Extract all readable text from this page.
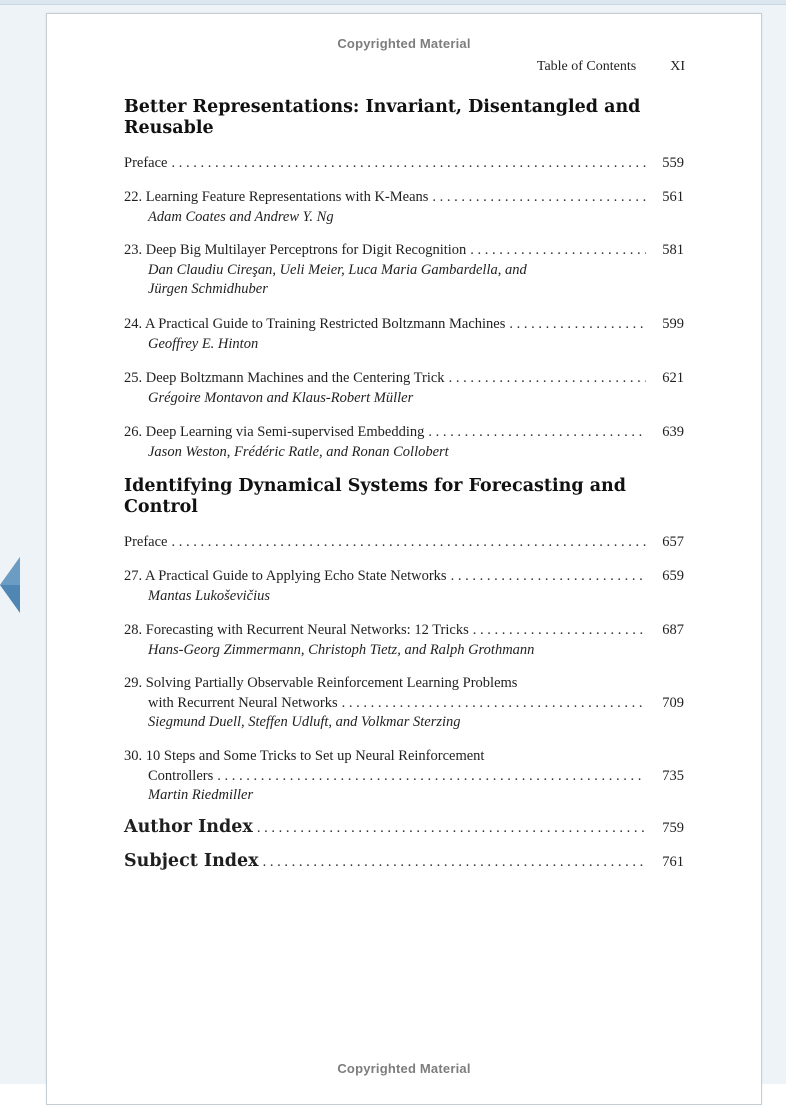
Copyrighted Material
Table of Contents XI
Better Representations: Invariant, Disentangled and
Reusable
Preface . . .	559
22. Learning Feature Representations with K-Means . . .	561
Adam Coates and Andrew Y. Ng
23. Deep Big Multilayer Perceptrons for Digit Recognition . . .	581
Dan Claudiu Cireşan, Ueli Meier, Luca Maria Gambardella, and
Jürgen Schmidhuber
24. A Practical Guide to Training Restricted Boltzmann Machines . . .	599
Geoffrey E. Hinton
25. Deep Boltzmann Machines and the Centering Trick . . .	621
Grégoire Montavon and Klaus-Robert Müller
26. Deep Learning via Semi-supervised Embedding . . .	639
Jason Weston, Frédéric Ratle, and Ronan Collobert
Identifying Dynamical Systems for Forecasting and
Control
Preface . . .	657
27. A Practical Guide to Applying Echo State Networks . . .	659
Mantas Lukoševičius
28. Forecasting with Recurrent Neural Networks: 12 Tricks . . .	687
Hans-Georg Zimmermann, Christoph Tietz, and Ralph Grothmann
29. Solving Partially Observable Reinforcement Learning Problems
with Recurrent Neural Networks . . .	709
Siegmund Duell, Steffen Udluft, and Volkmar Sterzing
30. 10 Steps and Some Tricks to Set up Neural Reinforcement
Controllers . . .	735
Martin Riedmiller
Author Index . . .	759
Subject Index . . .	761
Copyrighted Material
